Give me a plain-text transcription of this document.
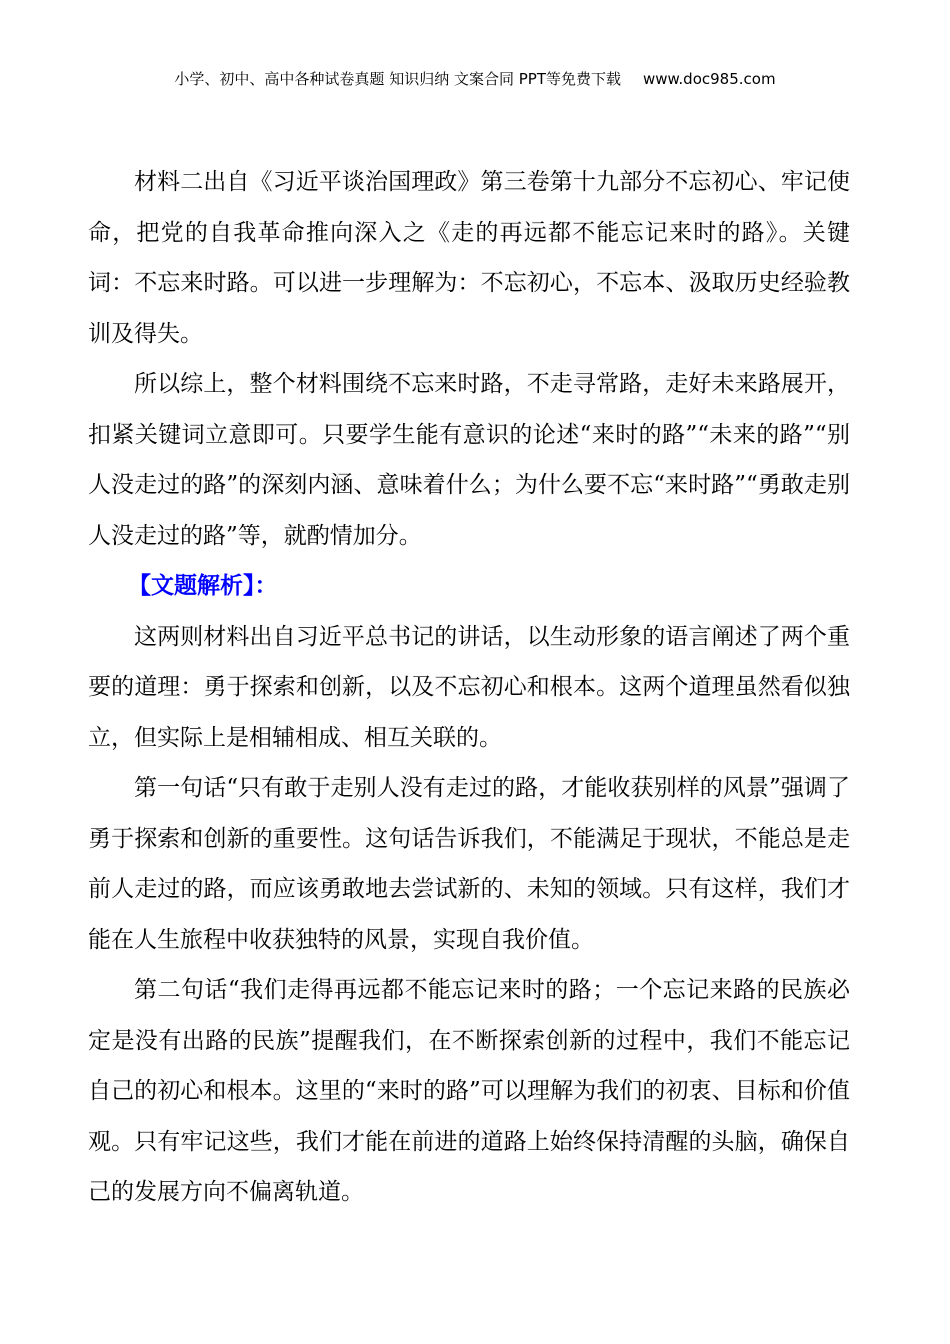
小学、初中、高中各种试卷真题 知识归纳 文案合同 PPT等免费下载 www.doc985.com

材料二出自《习近平谈治国理政》第三卷第十九部分不忘初心、牢记使命，把党的自我革命推向深入之《走的再远都不能忘记来时的路》。关键词：不忘来时路。可以进一步理解为：不忘初心，不忘本、汲取历史经验教训及得失。

所以综上，整个材料围绕不忘来时路，不走寻常路，走好未来路展开，扣紧关键词立意即可。只要学生能有意识的论述“来时的路”“未来的路”“别人没走过的路”的深刻内涵、意味着什么；为什么要不忘“来时路”“勇敢走别人没走过的路”等，就酌情加分。

【文题解析】：

这两则材料出自习近平总书记的讲话，以生动形象的语言阐述了两个重要的道理：勇于探索和创新，以及不忘初心和根本。这两个道理虽然看似独立，但实际上是相辅相成、相互关联的。

第一句话“只有敢于走别人没有走过的路，才能收获别样的风景”强调了勇于探索和创新的重要性。这句话告诉我们，不能满足于现状，不能总是走前人走过的路，而应该勇敢地去尝试新的、未知的领域。只有这样，我们才能在人生旅程中收获独特的风景，实现自我价值。

第二句话“我们走得再远都不能忘记来时的路；一个忘记来路的民族必定是没有出路的民族”提醒我们，在不断探索创新的过程中，我们不能忘记自己的初心和根本。这里的“来时的路”可以理解为我们的初衷、目标和价值观。只有牢记这些，我们才能在前进的道路上始终保持清醒的头脑，确保自己的发展方向不偏离轨道。
